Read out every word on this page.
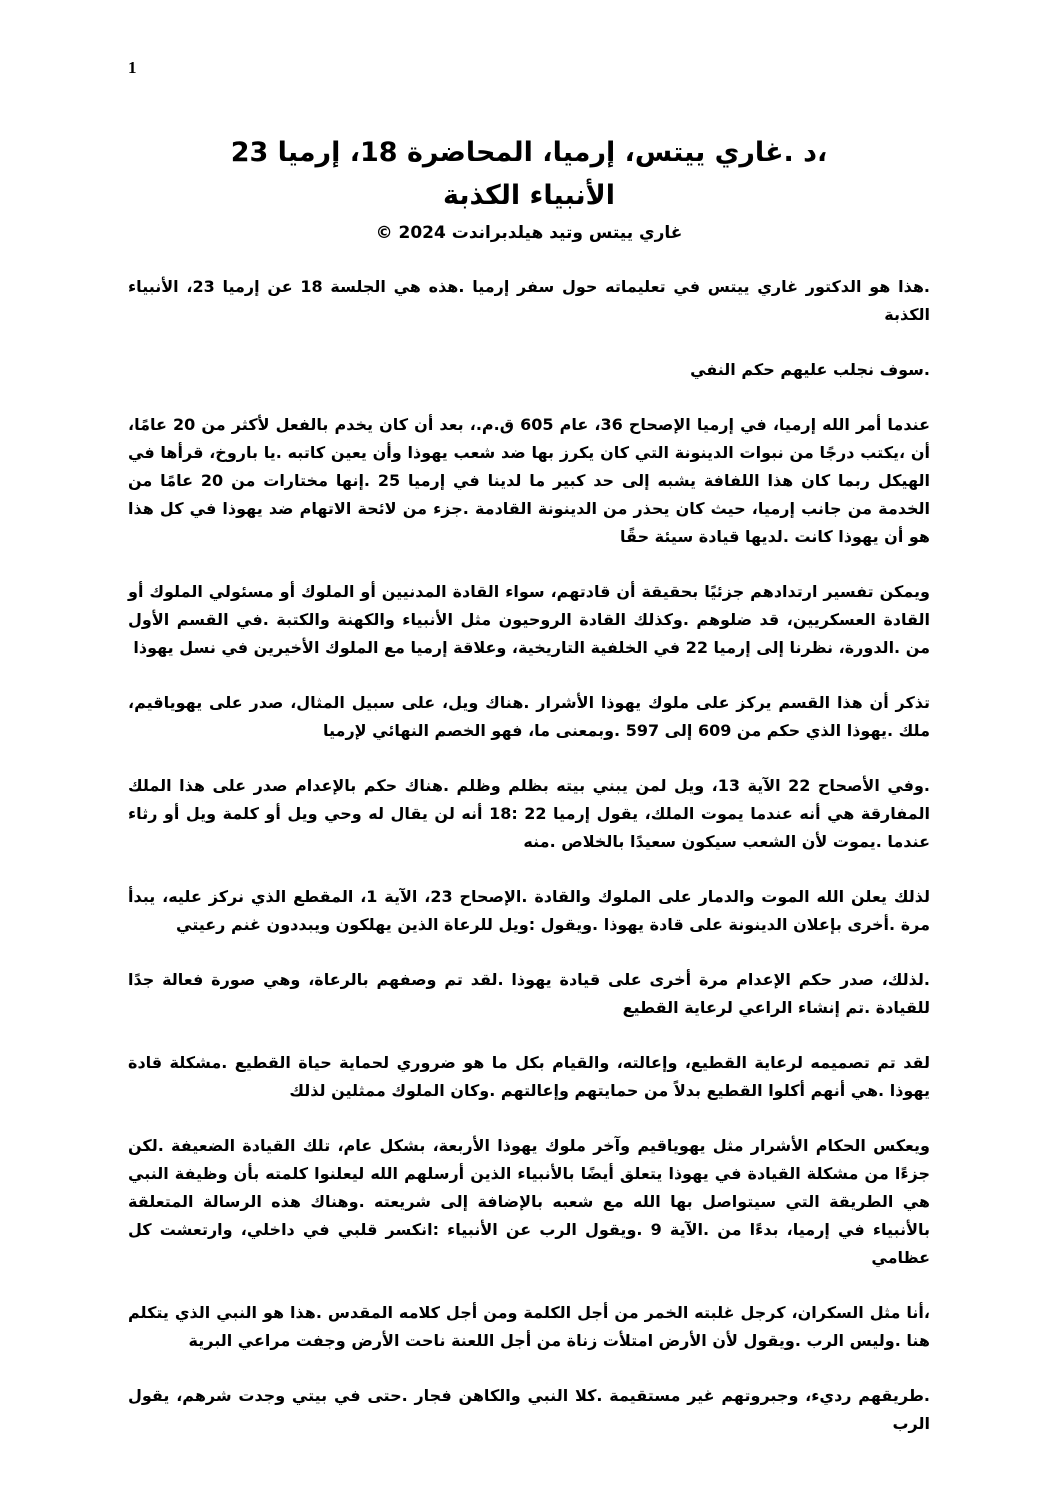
1
،د .غاري ييتس، إرميا، المحاضرة 18، إرميا 23
الأنبياء الكذبة
غاري ييتس وتيد هيلدبراندت 2024 ©

.هذا هو الدكتور غاري ييتس في تعليماته حول سفر إرميا .هذه هي الجلسة 18 عن إرميا 23، الأنبياء الكذبة

.سوف نجلب عليهم حكم النفي

عندما أمر الله إرميا، في إرميا الإصحاح 36، عام 605 ق.م.، بعد أن كان يخدم بالفعل لأكثر من 20 عامًا، أن ،يكتب درجًا من نبوات الدينونة التي كان يكرز بها ضد شعب يهوذا وأن يعين كاتبه .يا باروخ، قرأها في الهيكل ربما كان هذا اللفافة يشبه إلى حد كبير ما لدينا في إرميا 25 .إنها مختارات من 20 عامًا من الخدمة من جانب إرميا، حيث كان يحذر من الدينونة القادمة .جزء من لائحة الاتهام ضد يهوذا في كل هذا هو أن يهوذا كانت .لديها قيادة سيئة حقًا

ويمكن تفسير ارتدادهم جزئيًا بحقيقة أن قادتهم، سواء القادة المدنيين أو الملوك أو مسئولي الملوك أو القادة العسكريين، قد ضلوهم .وكذلك القادة الروحيون مثل الأنبياء والكهنة والكتبة .في القسم الأول من .الدورة، نظرنا إلى إرميا 22 في الخلفية التاريخية، وعلاقة إرميا مع الملوك الأخيرين في نسل يهوذا

تذكر أن هذا القسم يركز على ملوك يهوذا الأشرار .هناك ويل، على سبيل المثال، صدر على يهوياقيم، ملك .يهوذا الذي حكم من 609 إلى 597 .وبمعنى ما، فهو الخصم النهائي لإرميا

.وفي الأصحاح 22 الآية 13، ويل لمن يبني بيته بظلم وظلم .هناك حكم بالإعدام صدر على هذا الملك المفارقة هي أنه عندما يموت الملك، يقول إرميا 22 :18 أنه لن يقال له وحي ويل أو كلمة ويل أو رثاء عندما .يموت لأن الشعب سيكون سعيدًا بالخلاص .منه

لذلك يعلن الله الموت والدمار على الملوك والقادة .الإصحاح 23، الآية 1، المقطع الذي نركز عليه، يبدأ مرة .أخرى بإعلان الدينونة على قادة يهوذا .ويقول :ويل للرعاة الذين يهلكون ويبددون غنم رعيتي

.لذلك، صدر حكم الإعدام مرة أخرى على قيادة يهوذا .لقد تم وصفهم بالرعاة، وهي صورة فعالة جدًا للقيادة .تم إنشاء الراعي لرعاية القطيع

لقد تم تصميمه لرعاية القطيع، وإعالته، والقيام بكل ما هو ضروري لحماية حياة القطيع .مشكلة قادة يهوذا .هي أنهم أكلوا القطيع بدلاً من حمايتهم وإعالتهم .وكان الملوك ممثلين لذلك

ويعكس الحكام الأشرار مثل يهوياقيم وآخر ملوك يهوذا الأربعة، بشكل عام، تلك القيادة الضعيفة .لكن جزءًا من مشكلة القيادة في يهوذا يتعلق أيضًا بالأنبياء الذين أرسلهم الله ليعلنوا كلمته بأن وظيفة النبي هي الطريقة التي سيتواصل بها الله مع شعبه بالإضافة إلى شريعته .وهناك هذه الرسالة المتعلقة بالأنبياء في إرميا، بدءًا من .الآية 9 .ويقول الرب عن الأنبياء :انكسر قلبي في داخلي، وارتعشت كل عظامي

،أنا مثل السكران، كرجل غلبته الخمر من أجل الكلمة ومن أجل كلامه المقدس .هذا هو النبي الذي يتكلم هنا .وليس الرب .ويقول لأن الأرض امتلأت زناة من أجل اللعنة ناحت الأرض وجفت مراعي البرية

.طريقهم رديء، وجبروتهم غير مستقيمة .كلا النبي والكاهن فجار .حتى في بيتي وجدت شرهم، يقول الرب
